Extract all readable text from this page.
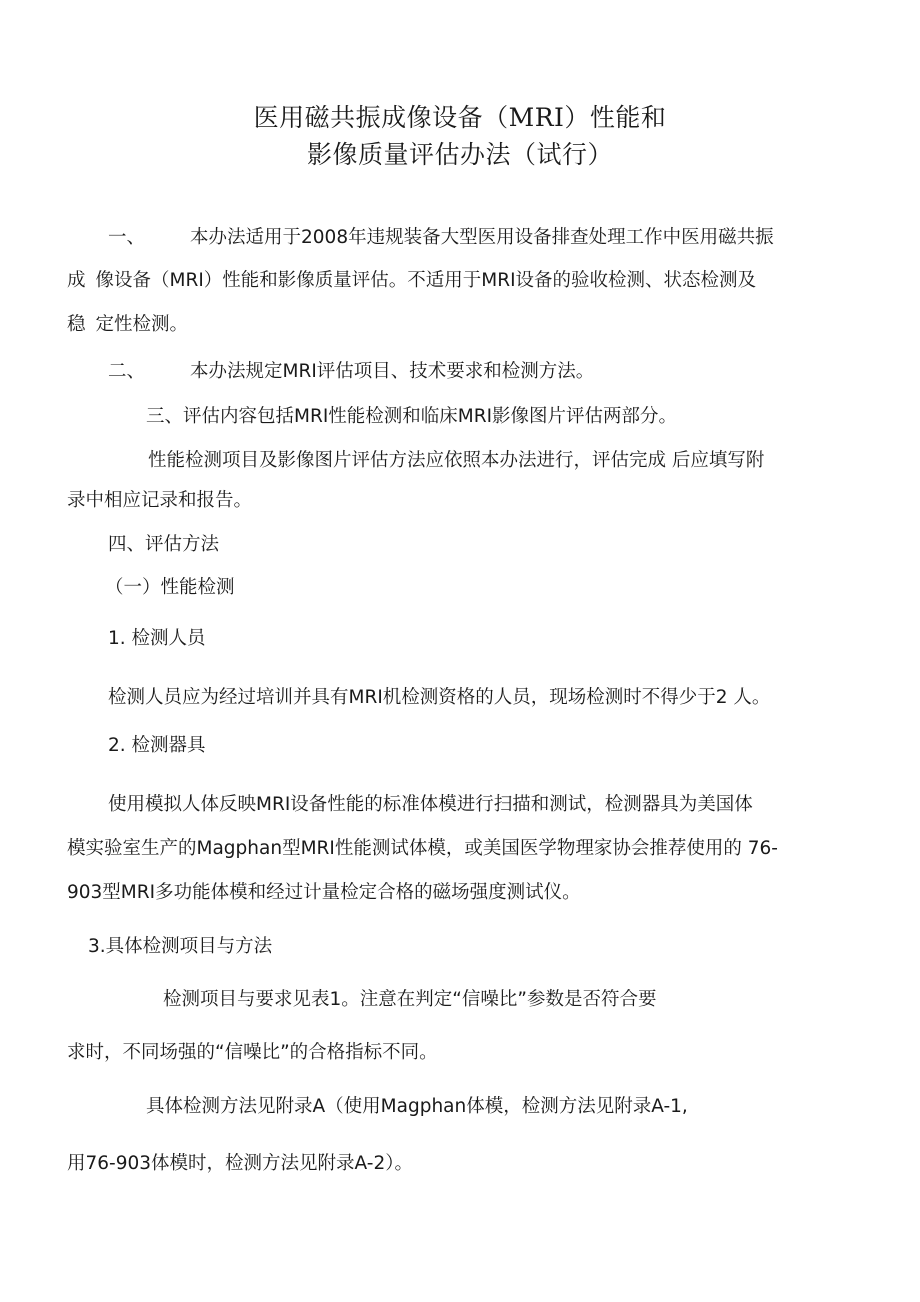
医用磁共振成像设备（MRI）性能和
影像质量评估办法（试行）
一、 本办法适用于2008年违规装备大型医用设备排查处理工作中医用磁共振
成 像设备（MRI）性能和影像质量评估。不适用于MRI设备的验收检测、状态检测及
稳 定性检测。
二、 本办法规定MRI评估项目、技术要求和检测方法。
三、评估内容包括MRI性能检测和临床MRI影像图片评估两部分。
性能检测项目及影像图片评估方法应依照本办法进行，评估完成 后应填写附
录中相应记录和报告。
四、评估方法
（一）性能检测
1. 检测人员
检测人员应为经过培训并具有MRI机检测资格的人员，现场检测时不得少于2 人。
2. 检测器具
使用模拟人体反映MRI设备性能的标准体模进行扫描和测试，检测器具为美国体
模实验室生产的Magphan型MRI性能测试体模，或美国医学物理家协会推荐使用的 76-
903型MRI多功能体模和经过计量检定合格的磁场强度测试仪。
3.具体检测项目与方法
检测项目与要求见表1。注意在判定“信噪比”参数是否符合要
求时，不同场强的“信噪比”的合格指标不同。
具体检测方法见附录A（使用Magphan体模，检测方法见附录A-1,
用76-903体模时，检测方法见附录A-2）。
